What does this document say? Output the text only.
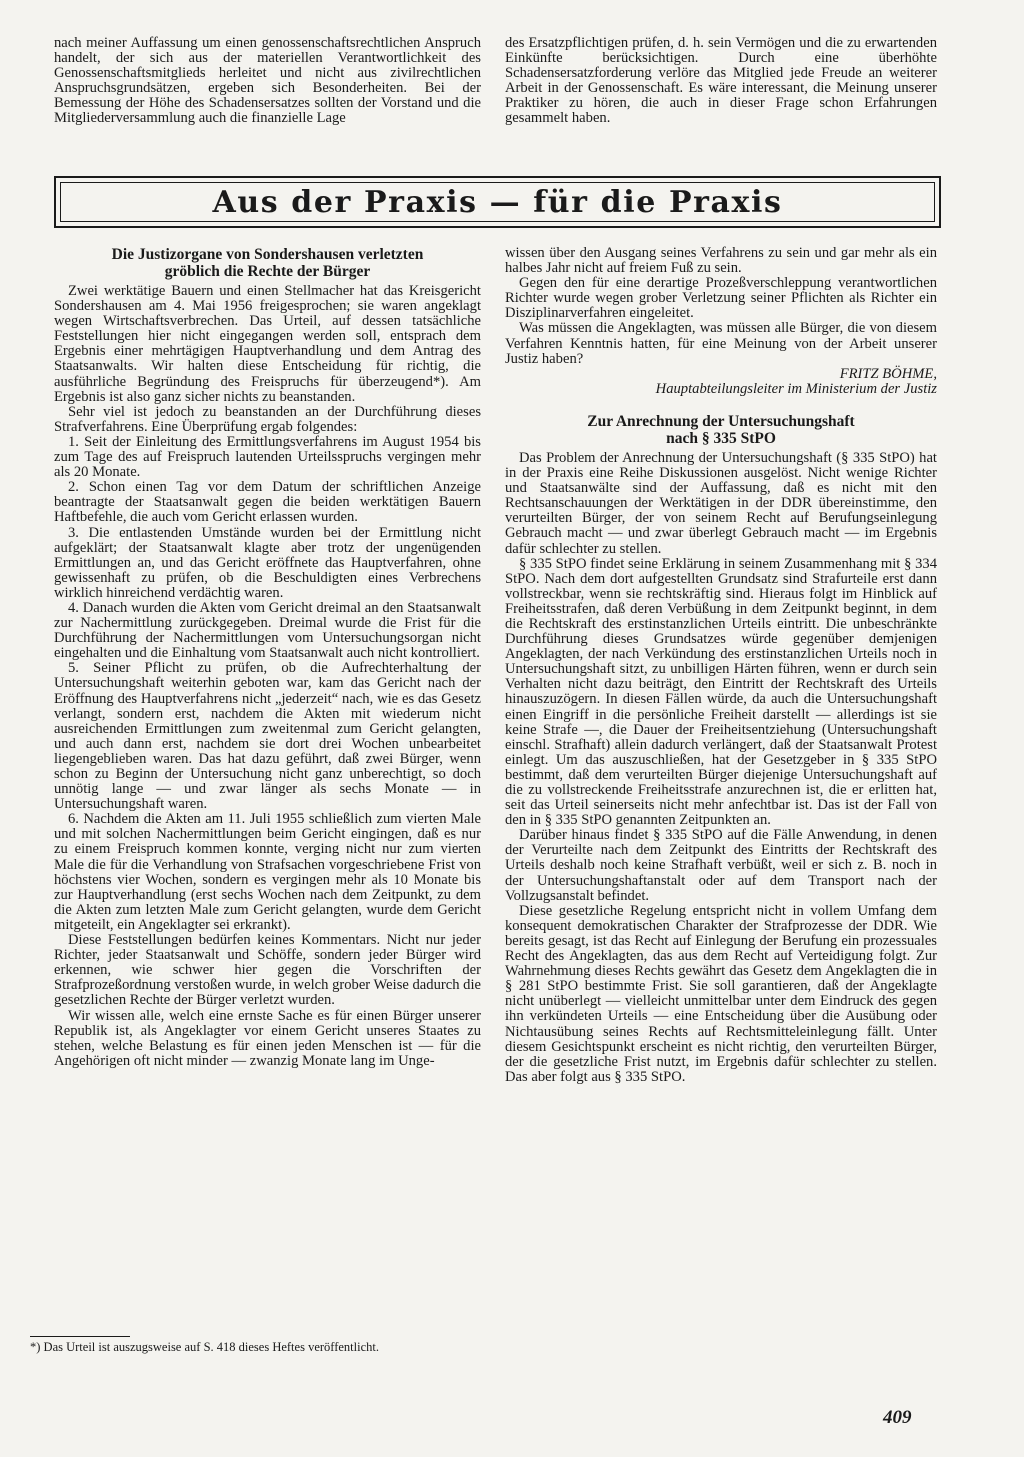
nach meiner Auffassung um einen genossenschaftsrechtlichen Anspruch handelt, der sich aus der materiellen Verantwortlichkeit des Genossenschaftsmitglieds herleitet und nicht aus zivilrechtlichen Anspruchsgrundsätzen, ergeben sich Besonderheiten. Bei der Bemessung der Höhe des Schadensersatzes sollten der Vorstand und die Mitgliederversammlung auch die finanzielle Lage

des Ersatzpflichtigen prüfen, d. h. sein Vermögen und die zu erwartenden Einkünfte berücksichtigen. Durch eine überhöhte Schadensersatzforderung verlöre das Mitglied jede Freude an weiterer Arbeit in der Genossenschaft. Es wäre interessant, die Meinung unserer Praktiker zu hören, die auch in dieser Frage schon Erfahrungen gesammelt haben.

Aus der Praxis — für die Praxis
Die Justizorgane von Sondershausen verletzten
gröblich die Rechte der Bürger

Zwei werktätige Bauern und einen Stellmacher hat das Kreisgericht Sondershausen am 4. Mai 1956 freigesprochen; sie waren angeklagt wegen Wirtschaftsverbrechen. Das Urteil, auf dessen tatsächliche Feststellungen hier nicht eingegangen werden soll, entsprach dem Ergebnis einer mehrtägigen Hauptverhandlung und dem Antrag des Staatsanwalts. Wir halten diese Entscheidung für richtig, die ausführliche Begründung des Freispruchs für überzeugend*). Am Ergebnis ist also ganz sicher nichts zu beanstanden.

Sehr viel ist jedoch zu beanstanden an der Durchführung dieses Strafverfahrens. Eine Überprüfung ergab folgendes:

1. Seit der Einleitung des Ermittlungsverfahrens im August 1954 bis zum Tage des auf Freispruch lautenden Urteilsspruchs vergingen mehr als 20 Monate.

2. Schon einen Tag vor dem Datum der schriftlichen Anzeige beantragte der Staatsanwalt gegen die beiden werktätigen Bauern Haftbefehle, die auch vom Gericht erlassen wurden.

3. Die entlastenden Umstände wurden bei der Ermittlung nicht aufgeklärt; der Staatsanwalt klagte aber trotz der ungenügenden Ermittlungen an, und das Gericht eröffnete das Hauptverfahren, ohne gewissenhaft zu prüfen, ob die Beschuldigten eines Verbrechens wirklich hinreichend verdächtig waren.

4. Danach wurden die Akten vom Gericht dreimal an den Staatsanwalt zur Nachermittlung zurückgegeben. Dreimal wurde die Frist für die Durchführung der Nachermittlungen vom Untersuchungsorgan nicht eingehalten und die Einhaltung vom Staatsanwalt auch nicht kontrolliert.

5. Seiner Pflicht zu prüfen, ob die Aufrechterhaltung der Untersuchungshaft weiterhin geboten war, kam das Gericht nach der Eröffnung des Hauptverfahrens nicht „jederzeit“ nach, wie es das Gesetz verlangt, sondern erst, nachdem die Akten mit wiederum nicht ausreichenden Ermittlungen zum zweitenmal zum Gericht gelangten, und auch dann erst, nachdem sie dort drei Wochen unbearbeitet liegengeblieben waren. Das hat dazu geführt, daß zwei Bürger, wenn schon zu Beginn der Untersuchung nicht ganz unberechtigt, so doch unnötig lange — und zwar länger als sechs Monate — in Untersuchungshaft waren.

6. Nachdem die Akten am 11. Juli 1955 schließlich zum vierten Male und mit solchen Nachermittlungen beim Gericht eingingen, daß es nur zu einem Freispruch kommen konnte, verging nicht nur zum vierten Male die für die Verhandlung von Strafsachen vorgeschriebene Frist von höchstens vier Wochen, sondern es vergingen mehr als 10 Monate bis zur Hauptverhandlung (erst sechs Wochen nach dem Zeitpunkt, zu dem die Akten zum letzten Male zum Gericht gelangten, wurde dem Gericht mitgeteilt, ein Angeklagter sei erkrankt).

Diese Feststellungen bedürfen keines Kommentars. Nicht nur jeder Richter, jeder Staatsanwalt und Schöffe, sondern jeder Bürger wird erkennen, wie schwer hier gegen die Vorschriften der Strafprozeßordnung verstoßen wurde, in welch grober Weise dadurch die gesetzlichen Rechte der Bürger verletzt wurden.

Wir wissen alle, welch eine ernste Sache es für einen Bürger unserer Republik ist, als Angeklagter vor einem Gericht unseres Staates zu stehen, welche Belastung es für einen jeden Menschen ist — für die Angehörigen oft nicht minder — zwanzig Monate lang im Unge-

wissen über den Ausgang seines Verfahrens zu sein und gar mehr als ein halbes Jahr nicht auf freiem Fuß zu sein.

Gegen den für eine derartige Prozeßverschleppung verantwortlichen Richter wurde wegen grober Verletzung seiner Pflichten als Richter ein Disziplinarverfahren eingeleitet.

Was müssen die Angeklagten, was müssen alle Bürger, die von diesem Verfahren Kenntnis hatten, für eine Meinung von der Arbeit unserer Justiz haben?

FRITZ BÖHME,

Hauptabteilungsleiter im Ministerium der Justiz

Zur Anrechnung der Untersuchungshaft
nach § 335 StPO

Das Problem der Anrechnung der Untersuchungshaft (§ 335 StPO) hat in der Praxis eine Reihe Diskussionen ausgelöst. Nicht wenige Richter und Staatsanwälte sind der Auffassung, daß es nicht mit den Rechtsanschauungen der Werktätigen in der DDR übereinstimme, den verurteilten Bürger, der von seinem Recht auf Berufungseinlegung Gebrauch macht — und zwar überlegt Gebrauch macht — im Ergebnis dafür schlechter zu stellen.

§ 335 StPO findet seine Erklärung in seinem Zusammenhang mit § 334 StPO. Nach dem dort aufgestellten Grundsatz sind Strafurteile erst dann vollstreckbar, wenn sie rechtskräftig sind. Hieraus folgt im Hinblick auf Freiheitsstrafen, daß deren Verbüßung in dem Zeitpunkt beginnt, in dem die Rechtskraft des erstinstanzlichen Urteils eintritt. Die unbeschränkte Durchführung dieses Grundsatzes würde gegenüber demjenigen Angeklagten, der nach Verkündung des erstinstanzlichen Urteils noch in Untersuchungshaft sitzt, zu unbilligen Härten führen, wenn er durch sein Verhalten nicht dazu beiträgt, den Eintritt der Rechtskraft des Urteils hinauszuzögern. In diesen Fällen würde, da auch die Untersuchungshaft einen Eingriff in die persönliche Freiheit darstellt — allerdings ist sie keine Strafe —, die Dauer der Freiheitsentziehung (Untersuchungshaft einschl. Strafhaft) allein dadurch verlängert, daß der Staatsanwalt Protest einlegt. Um das auszuschließen, hat der Gesetzgeber in § 335 StPO bestimmt, daß dem verurteilten Bürger diejenige Untersuchungshaft auf die zu vollstreckende Freiheitsstrafe anzurechnen ist, die er erlitten hat, seit das Urteil seinerseits nicht mehr anfechtbar ist. Das ist der Fall von den in § 335 StPO genannten Zeitpunkten an.

Darüber hinaus findet § 335 StPO auf die Fälle Anwendung, in denen der Verurteilte nach dem Zeitpunkt des Eintritts der Rechtskraft des Urteils deshalb noch keine Strafhaft verbüßt, weil er sich z. B. noch in der Untersuchungshaftanstalt oder auf dem Transport nach der Vollzugsanstalt befindet.

Diese gesetzliche Regelung entspricht nicht in vollem Umfang dem konsequent demokratischen Charakter der Strafprozesse der DDR. Wie bereits gesagt, ist das Recht auf Einlegung der Berufung ein prozessuales Recht des Angeklagten, das aus dem Recht auf Verteidigung folgt. Zur Wahrnehmung dieses Rechts gewährt das Gesetz dem Angeklagten die in § 281 StPO bestimmte Frist. Sie soll garantieren, daß der Angeklagte nicht unüberlegt — vielleicht unmittelbar unter dem Eindruck des gegen ihn verkündeten Urteils — eine Entscheidung über die Ausübung oder Nichtausübung seines Rechts auf Rechtsmitteleinlegung fällt. Unter diesem Gesichtspunkt erscheint es nicht richtig, den verurteilten Bürger, der die gesetzliche Frist nutzt, im Ergebnis dafür schlechter zu stellen. Das aber folgt aus § 335 StPO.

*) Das Urteil ist auszugsweise auf S. 418 dieses Heftes veröffentlicht.
409
